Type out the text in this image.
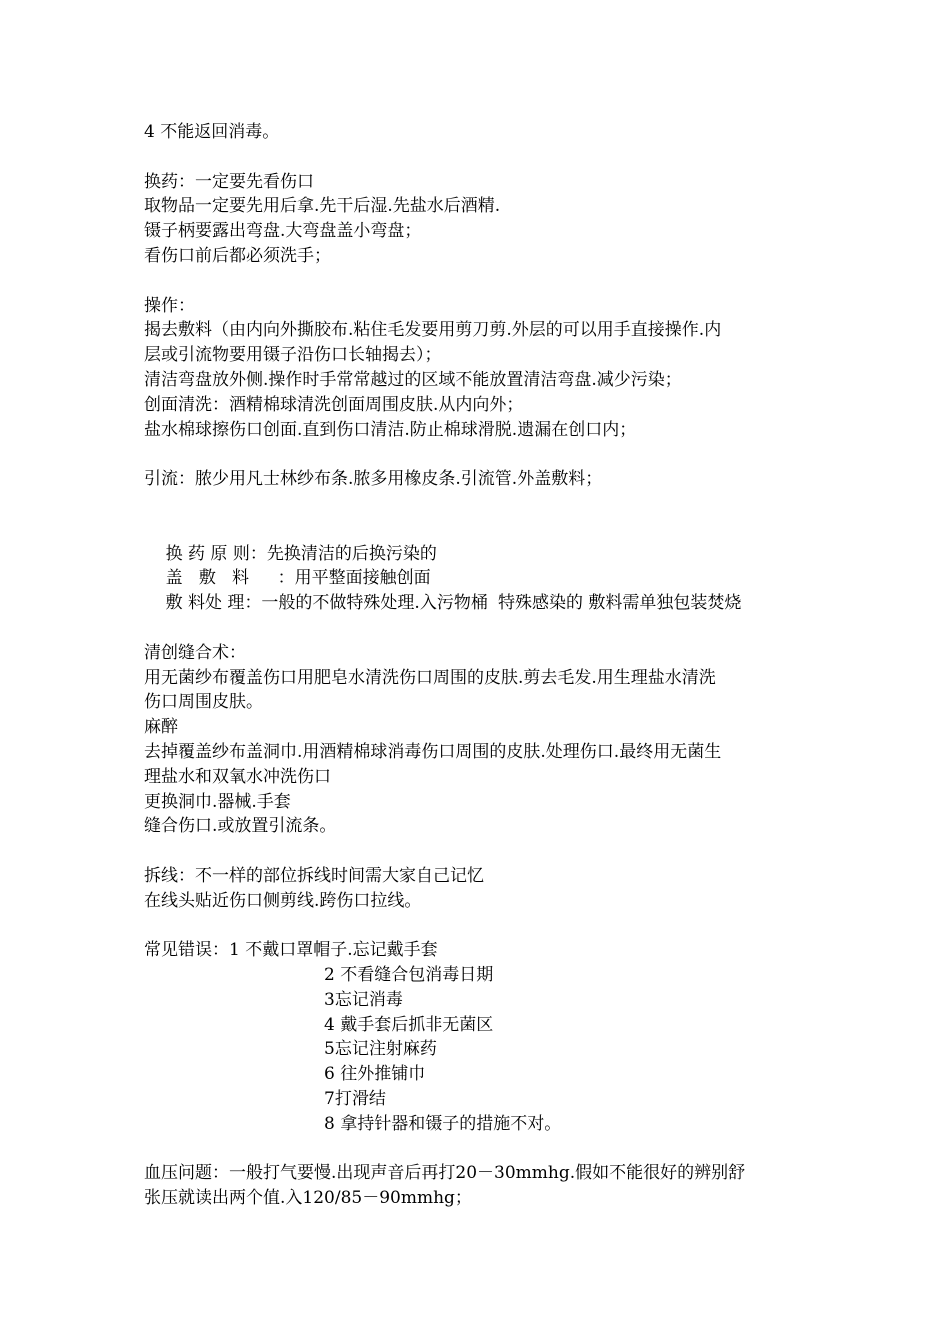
4 不能返回消毒。
换药：一定要先看伤口
取物品一定要先用后拿.先干后湿.先盐水后酒精.
镊子柄要露出弯盘.大弯盘盖小弯盘；
看伤口前后都必须洗手；
操作：
揭去敷料（由内向外撕胶布.粘住毛发要用剪刀剪.外层的可以用手直接操作.内
层或引流物要用镊子沿伤口长轴揭去）；
清洁弯盘放外侧.操作时手常常越过的区域不能放置清洁弯盘.减少污染；
创面清洗：酒精棉球清洗创面周围皮肤.从内向外；
盐水棉球擦伤口创面.直到伤口清洁.防止棉球滑脱.遗漏在创口内；
引流：脓少用凡士林纱布条.脓多用橡皮条.引流管.外盖敷料；

换 药 原 则：先换清洁的后换污染的

盖   敷   料 ：用平整面接触创面

敷 料处 理：一般的不做特殊处理.入污物桶
特殊感染的 敷料需单独包装焚烧
清创缝合术：
用无菌纱布覆盖伤口用肥皂水清洗伤口周围的皮肤.剪去毛发.用生理盐水清洗
伤口周围皮肤。
麻醉
去掉覆盖纱布盖洞巾.用酒精棉球消毒伤口周围的皮肤.处理伤口.最终用无菌生
理盐水和双氧水冲洗伤口
更换洞巾.器械.手套
缝合伤口.或放置引流条。
拆线：不一样的部位拆线时间需大家自己记忆
在线头贴近伤口侧剪线.跨伤口拉线。
常见错误：1 不戴口罩帽子.忘记戴手套
2 不看缝合包消毒日期
3忘记消毒
4 戴手套后抓非无菌区
5忘记注射麻药
6 往外推铺巾
7打滑结
8 拿持针器和镊子的措施不对。
血压问题：一般打气要慢.出现声音后再打20－30mmhg.假如不能很好的辨别舒
张压就读出两个值.入120/85－90mmhg；
